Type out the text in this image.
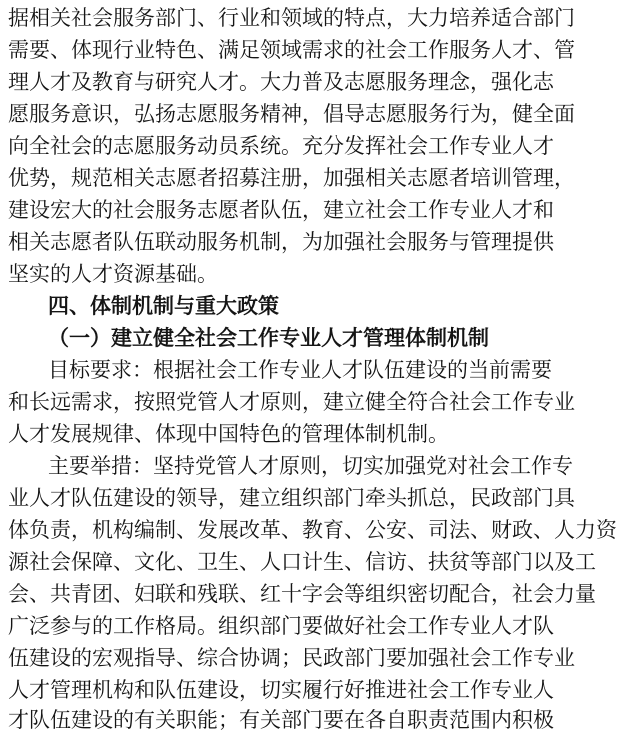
据相关社会服务部门、行业和领域的特点，大力培养适合部门
需要、体现行业特色、满足领域需求的社会工作服务人才、管
理人才及教育与研究人才。大力普及志愿服务理念，强化志
愿服务意识，弘扬志愿服务精神，倡导志愿服务行为，健全面
向全社会的志愿服务动员系统。充分发挥社会工作专业人才
优势，规范相关志愿者招募注册，加强相关志愿者培训管理，
建设宏大的社会服务志愿者队伍，建立社会工作专业人才和
相关志愿者队伍联动服务机制，为加强社会服务与管理提供
坚实的人才资源基础。
四、体制机制与重大政策
（一）建立健全社会工作专业人才管理体制机制
目标要求：根据社会工作专业人才队伍建设的当前需要
和长远需求，按照党管人才原则，建立健全符合社会工作专业
人才发展规律、体现中国特色的管理体制机制。
主要举措：坚持党管人才原则，切实加强党对社会工作专
业人才队伍建设的领导，建立组织部门牵头抓总，民政部门具
体负责，机构编制、发展改革、教育、公安、司法、财政、人力资
源社会保障、文化、卫生、人口计生、信访、扶贫等部门以及工
会、共青团、妇联和残联、红十字会等组织密切配合，社会力量
广泛参与的工作格局。组织部门要做好社会工作专业人才队
伍建设的宏观指导、综合协调；民政部门要加强社会工作专业
人才管理机构和队伍建设，切实履行好推进社会工作专业人
才队伍建设的有关职能；有关部门要在各自职责范围内积极
